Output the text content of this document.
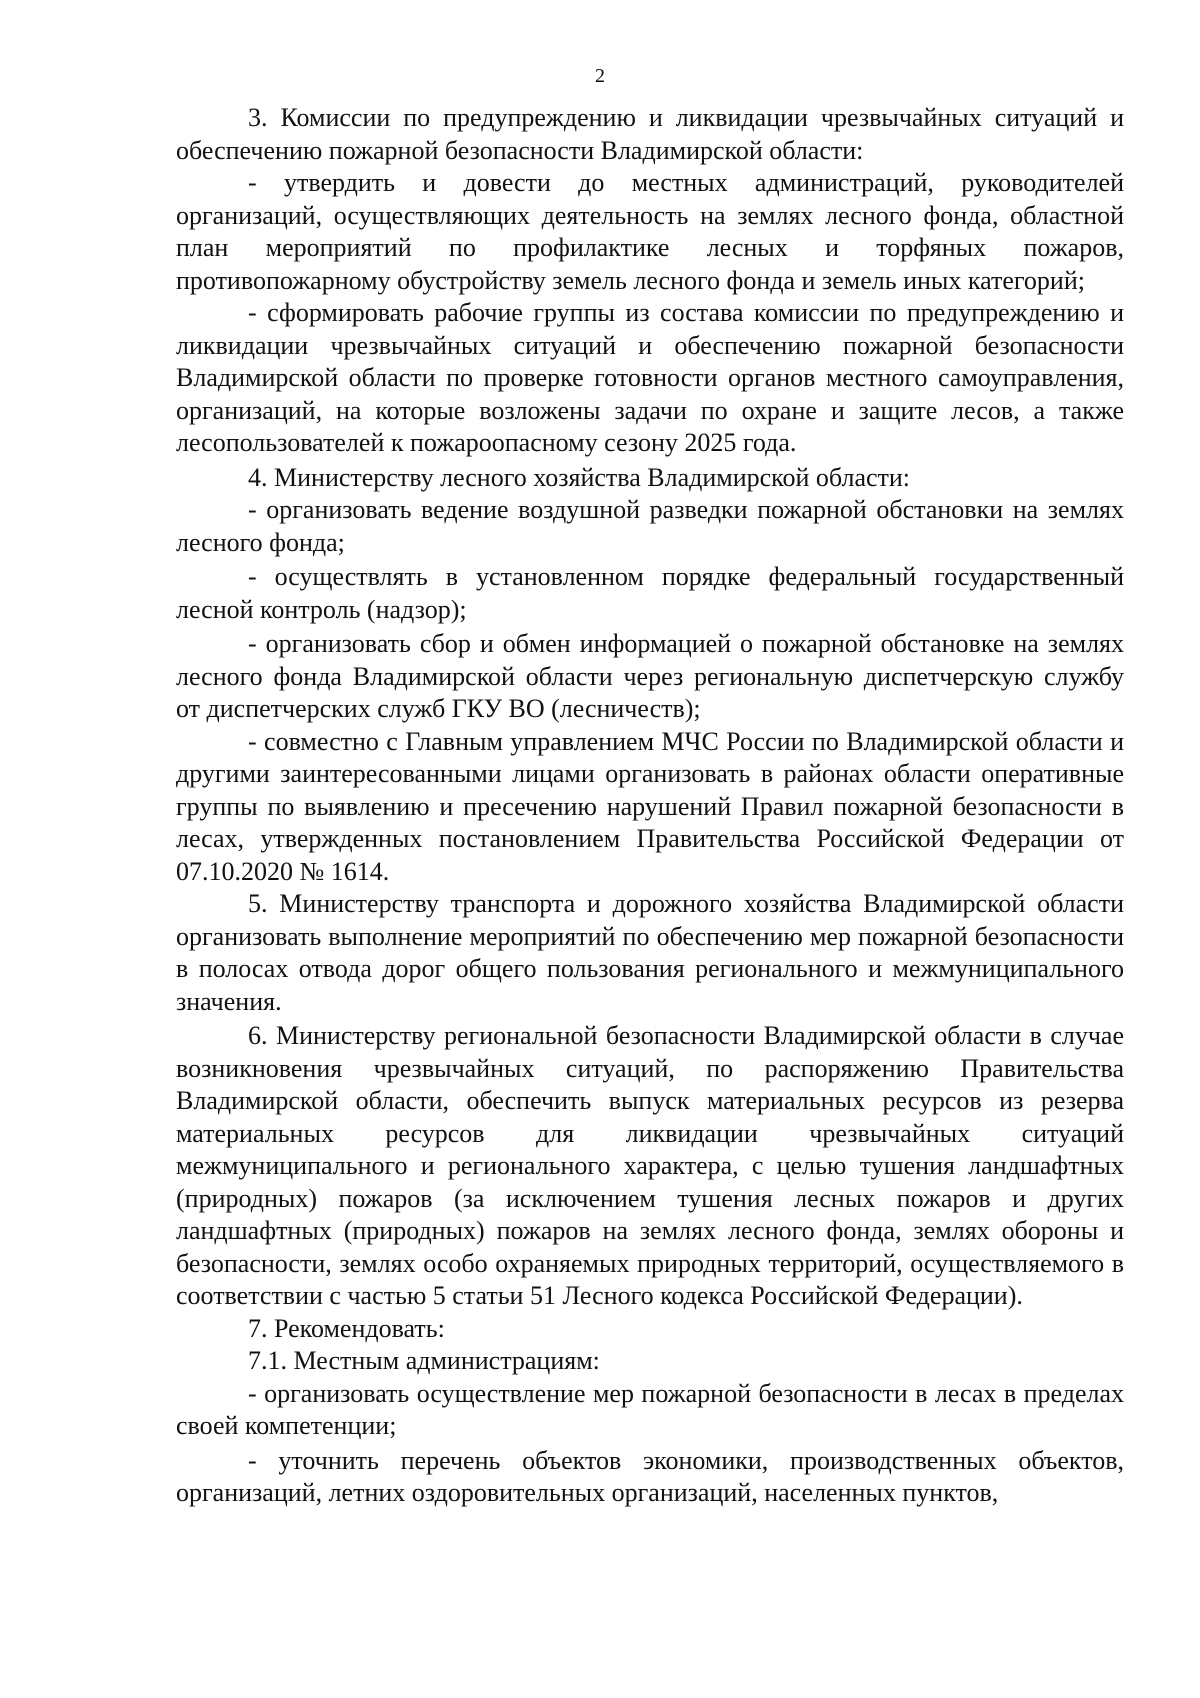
2

3. Комиссии по предупреждению и ликвидации чрезвычайных ситуаций и обеспечению пожарной безопасности Владимирской области:

- утвердить и довести до местных администраций, руководителей организаций, осуществляющих деятельность на землях лесного фонда, областной план мероприятий по профилактике лесных и торфяных пожаров, противопожарному обустройству земель лесного фонда и земель иных категорий;

- сформировать рабочие группы из состава комиссии по предупреждению и ликвидации чрезвычайных ситуаций и обеспечению пожарной безопасности Владимирской области по проверке готовности органов местного самоуправления, организаций, на которые возложены задачи по охране и защите лесов, а также лесопользователей к пожароопасному сезону 2025 года.

4. Министерству лесного хозяйства Владимирской области:

- организовать ведение воздушной разведки пожарной обстановки на землях лесного фонда;

- осуществлять в установленном порядке федеральный государственный лесной контроль (надзор);

- организовать сбор и обмен информацией о пожарной обстановке на землях лесного фонда Владимирской области через региональную диспетчерскую службу от диспетчерских служб ГКУ ВО (лесничеств);

- совместно с Главным управлением МЧС России по Владимирской области и другими заинтересованными лицами организовать в районах области оперативные группы по выявлению и пресечению нарушений Правил пожарной безопасности в лесах, утвержденных постановлением Правительства Российской Федерации от 07.10.2020 № 1614.

5. Министерству транспорта и дорожного хозяйства Владимирской области организовать выполнение мероприятий по обеспечению мер пожарной безопасности в полосах отвода дорог общего пользования регионального и межмуниципального значения.

6. Министерству региональной безопасности Владимирской области в случае возникновения чрезвычайных ситуаций, по распоряжению Правительства Владимирской области, обеспечить выпуск материальных ресурсов из резерва материальных ресурсов для ликвидации чрезвычайных ситуаций межмуниципального и регионального характера, с целью тушения ландшафтных (природных) пожаров (за исключением тушения лесных пожаров и других ландшафтных (природных) пожаров на землях лесного фонда, землях обороны и безопасности, землях особо охраняемых природных территорий, осуществляемого в соответствии с частью 5 статьи 51 Лесного кодекса Российской Федерации).

7. Рекомендовать:

7.1. Местным администрациям:

- организовать осуществление мер пожарной безопасности в лесах в пределах своей компетенции;

- уточнить перечень объектов экономики, производственных объектов, организаций, летних оздоровительных организаций, населенных пунктов,
